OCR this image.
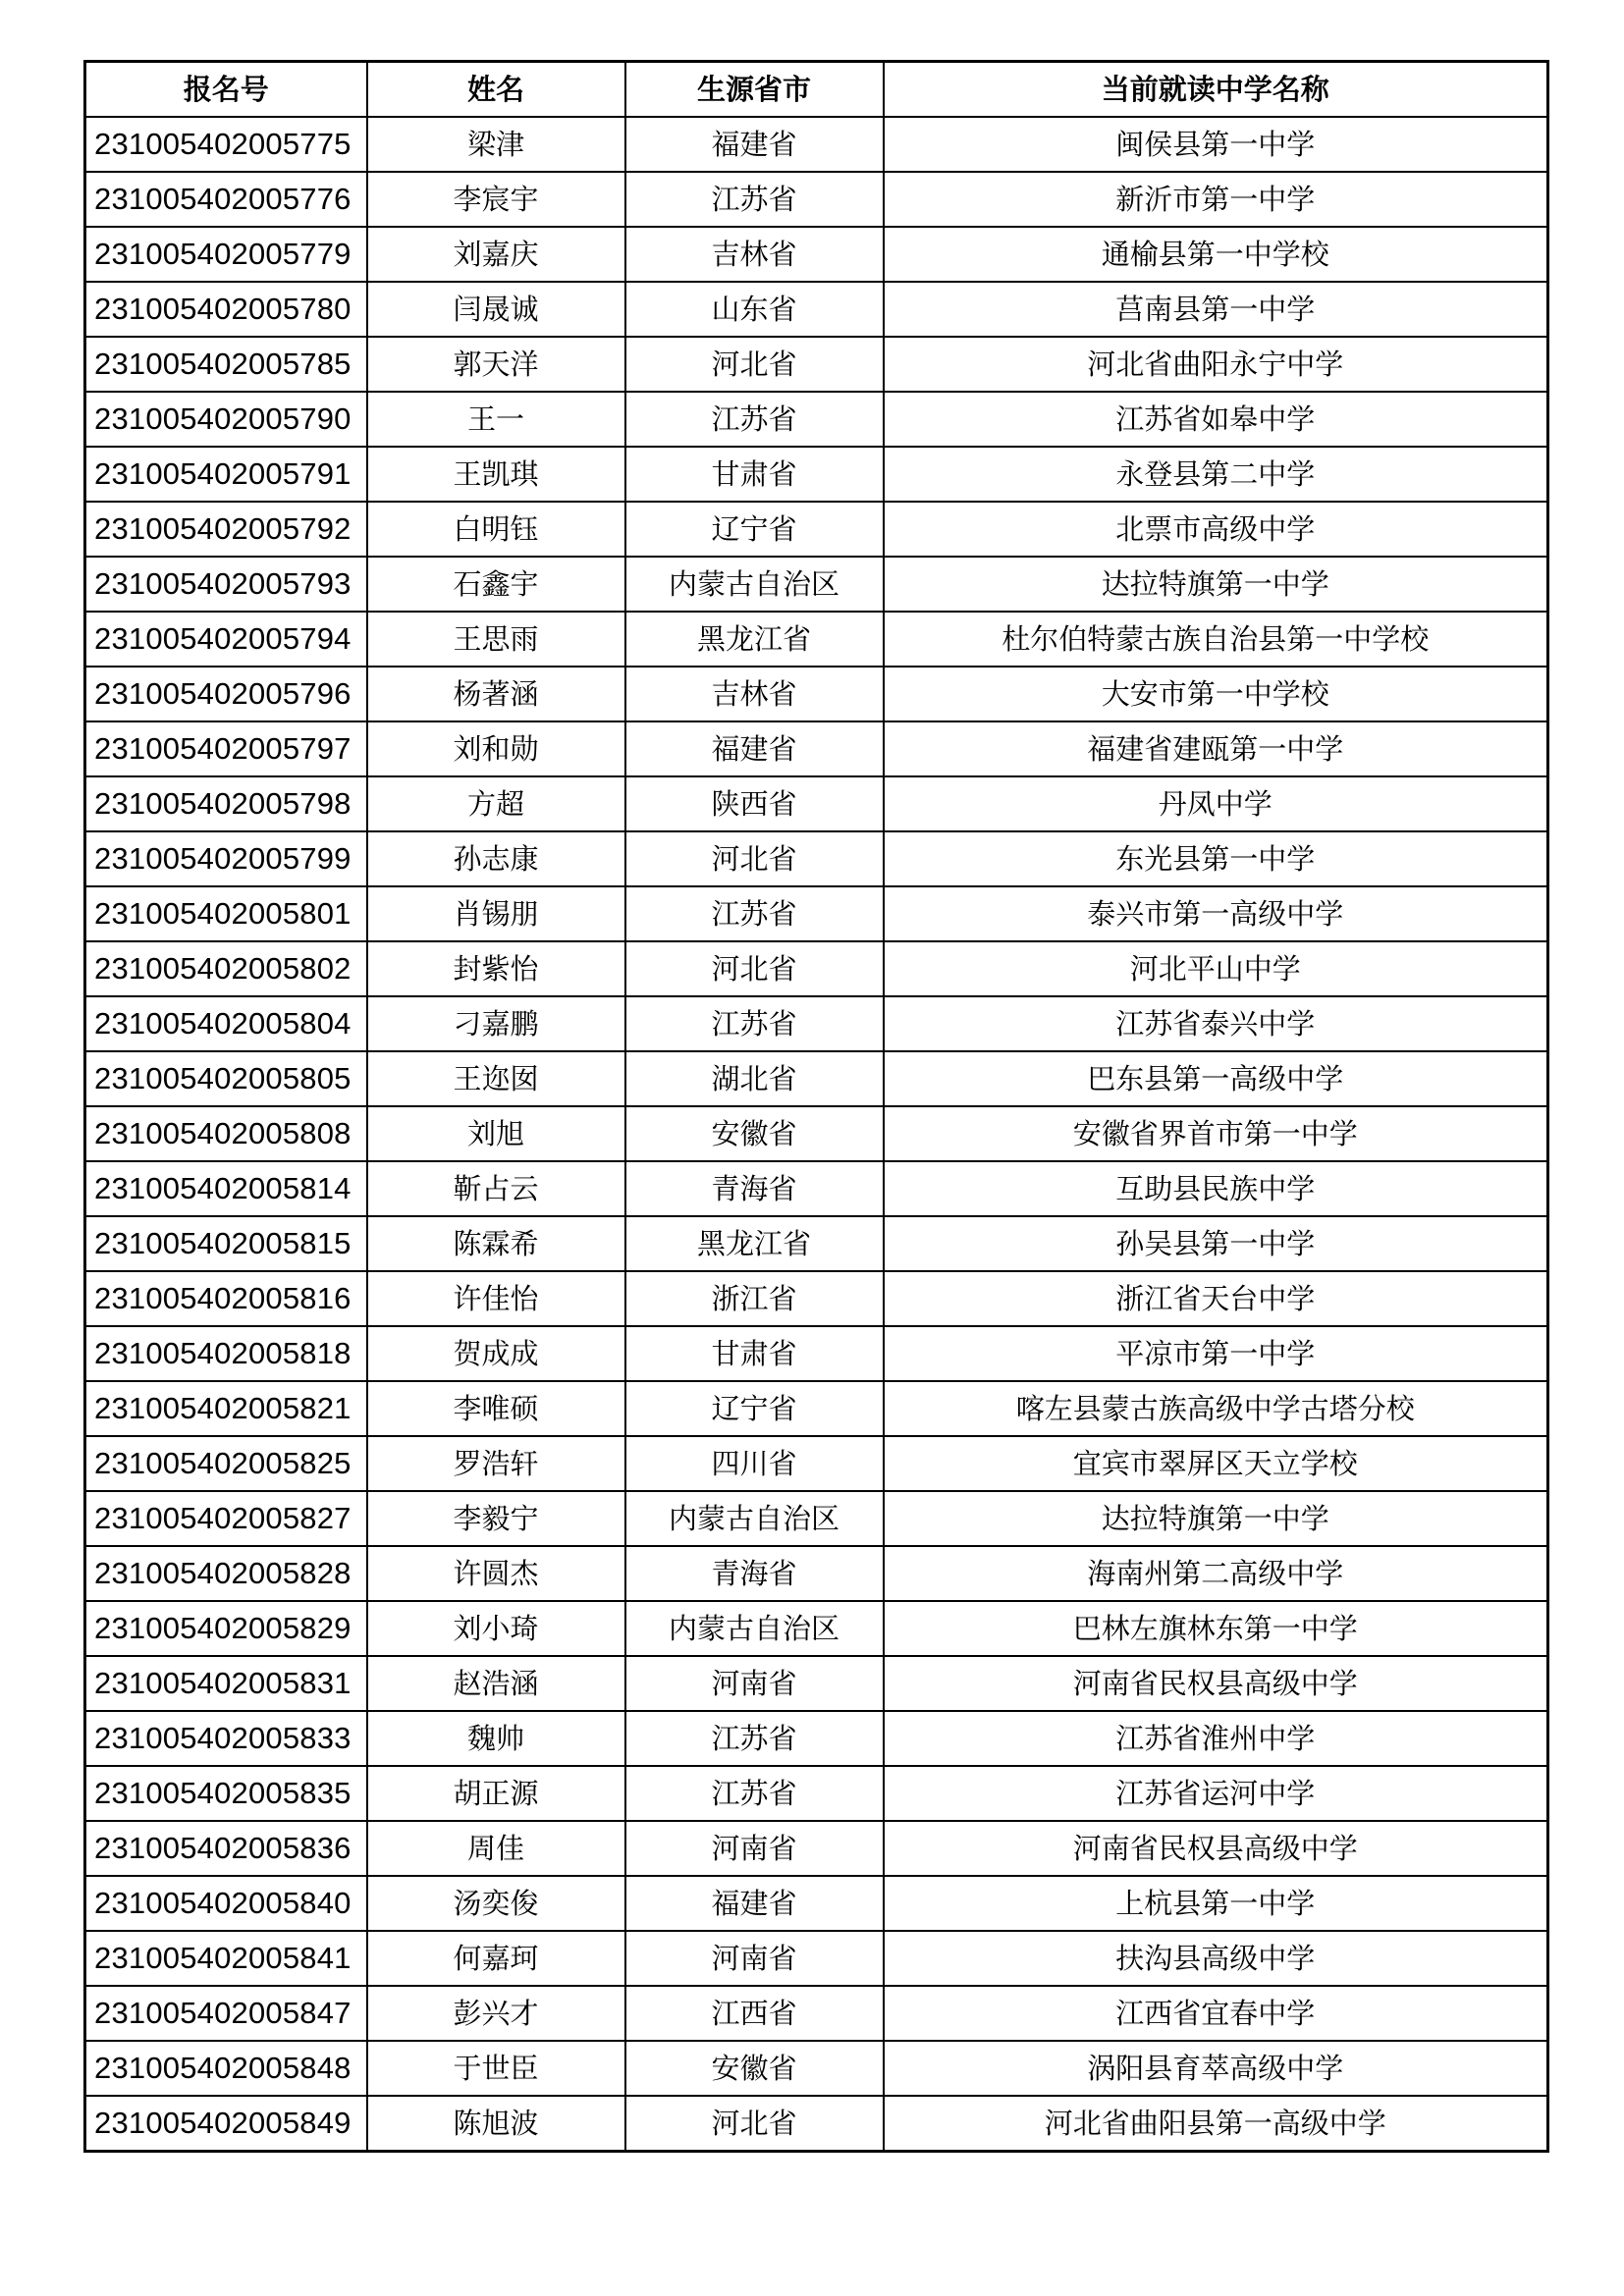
报名号	姓名	生源省市	当前就读中学名称
231005402005775	梁津	福建省	闽侯县第一中学
231005402005776	李宸宇	江苏省	新沂市第一中学
231005402005779	刘嘉庆	吉林省	通榆县第一中学校
231005402005780	闫晟诚	山东省	莒南县第一中学
231005402005785	郭天洋	河北省	河北省曲阳永宁中学
231005402005790	王一	江苏省	江苏省如皋中学
231005402005791	王凯琪	甘肃省	永登县第二中学
231005402005792	白明钰	辽宁省	北票市高级中学
231005402005793	石鑫宇	内蒙古自治区	达拉特旗第一中学
231005402005794	王思雨	黑龙江省	杜尔伯特蒙古族自治县第一中学校
231005402005796	杨著涵	吉林省	大安市第一中学校
231005402005797	刘和勋	福建省	福建省建瓯第一中学
231005402005798	方超	陕西省	丹凤中学
231005402005799	孙志康	河北省	东光县第一中学
231005402005801	肖锡朋	江苏省	泰兴市第一高级中学
231005402005802	封紫怡	河北省	河北平山中学
231005402005804	刁嘉鹏	江苏省	江苏省泰兴中学
231005402005805	王迩囡	湖北省	巴东县第一高级中学
231005402005808	刘旭	安徽省	安徽省界首市第一中学
231005402005814	靳占云	青海省	互助县民族中学
231005402005815	陈霖希	黑龙江省	孙吴县第一中学
231005402005816	许佳怡	浙江省	浙江省天台中学
231005402005818	贺成成	甘肃省	平凉市第一中学
231005402005821	李唯硕	辽宁省	喀左县蒙古族高级中学古塔分校
231005402005825	罗浩轩	四川省	宜宾市翠屏区天立学校
231005402005827	李毅宁	内蒙古自治区	达拉特旗第一中学
231005402005828	许圆杰	青海省	海南州第二高级中学
231005402005829	刘小琦	内蒙古自治区	巴林左旗林东第一中学
231005402005831	赵浩涵	河南省	河南省民权县高级中学
231005402005833	魏帅	江苏省	江苏省淮州中学
231005402005835	胡正源	江苏省	江苏省运河中学
231005402005836	周佳	河南省	河南省民权县高级中学
231005402005840	汤奕俊	福建省	上杭县第一中学
231005402005841	何嘉珂	河南省	扶沟县高级中学
231005402005847	彭兴才	江西省	江西省宜春中学
231005402005848	于世臣	安徽省	涡阳县育萃高级中学
231005402005849	陈旭波	河北省	河北省曲阳县第一高级中学
